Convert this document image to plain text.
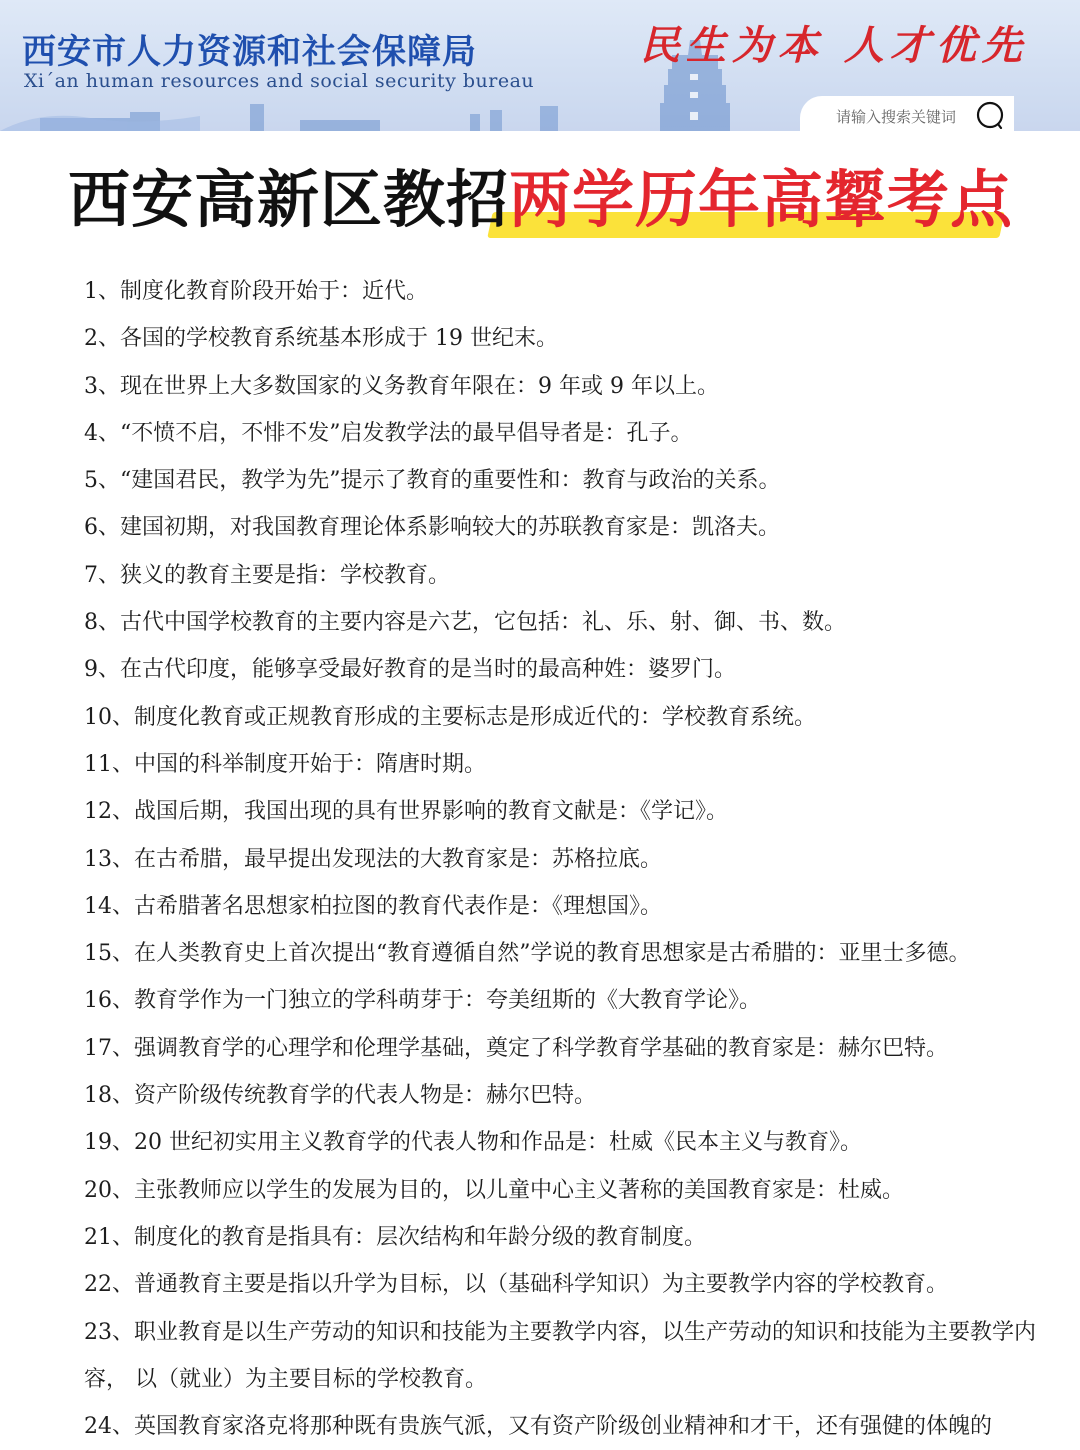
西安市人力资源和社会保障局
Xi´an human resources and social security bureau
民生为本 人才优先
请输入搜索关键词
西安高新区教招两学历年高颦考点
1、制度化教育阶段开始于：近代。
2、各国的学校教育系统基本形成于 19 世纪末。
3、现在世界上大多数国家的义务教育年限在：9 年或 9 年以上。
4、“不愤不启，不悱不发”启发教学法的最早倡导者是：孔子。
5、“建国君民，教学为先”提示了教育的重要性和：教育与政治的关系。
6、建国初期，对我国教育理论体系影响较大的苏联教育家是：凯洛夫。
7、狭义的教育主要是指：学校教育。
8、古代中国学校教育的主要内容是六艺，它包括：礼、乐、射、御、书、数。
9、在古代印度，能够享受最好教育的是当时的最高种姓：婆罗门。
10、制度化教育或正规教育形成的主要标志是形成近代的：学校教育系统。
11、中国的科举制度开始于：隋唐时期。
12、战国后期，我国出现的具有世界影响的教育文献是：《学记》。
13、在古希腊，最早提出发现法的大教育家是：苏格拉底。
14、古希腊著名思想家柏拉图的教育代表作是：《理想国》。
15、在人类教育史上首次提出“教育遵循自然”学说的教育思想家是古希腊的：亚里士多德。
16、教育学作为一门独立的学科萌芽于：夸美纽斯的《大教育学论》。
17、强调教育学的心理学和伦理学基础，奠定了科学教育学基础的教育家是：赫尔巴特。
18、资产阶级传统教育学的代表人物是：赫尔巴特。
19、20 世纪初实用主义教育学的代表人物和作品是：杜威《民本主义与教育》。
20、主张教师应以学生的发展为目的，以儿童中心主义著称的美国教育家是：杜威。
21、制度化的教育是指具有：层次结构和年龄分级的教育制度。
22、普通教育主要是指以升学为目标，以（基础科学知识）为主要教学内容的学校教育。
23、职业教育是以生产劳动的知识和技能为主要教学内容，以生产劳动的知识和技能为主要教学内容， 以（就业）为主要目标的学校教育。
24、英国教育家洛克将那种既有贵族气派，又有资产阶级创业精神和才干，还有强健的体魄的
